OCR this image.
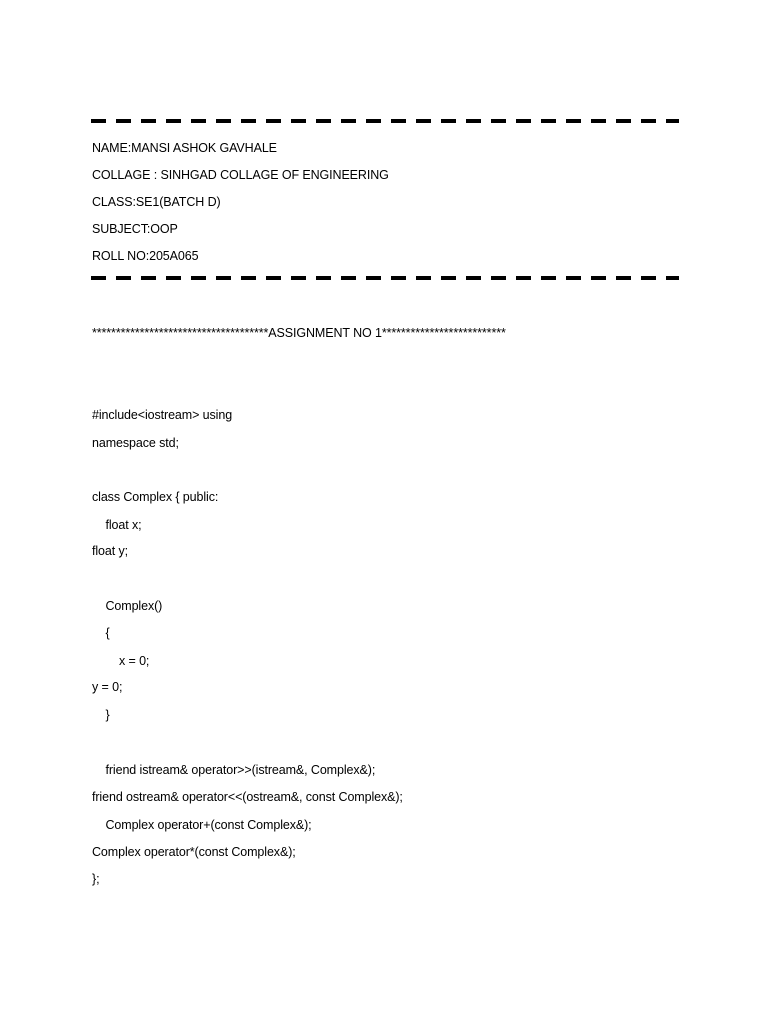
NAME:MANSI ASHOK GAVHALE
COLLAGE : SINHGAD COLLAGE OF ENGINEERING
CLASS:SE1(BATCH D)
SUBJECT:OOP
ROLL NO:205A065
*************************************ASSIGNMENT NO 1**************************
#include<iostream> using
namespace std;
class Complex { public:
float x;
float y;
Complex()
{
x = 0;
y = 0;
}
friend istream& operator>>(istream&, Complex&);
friend ostream& operator<<(ostream&, const Complex&);
Complex operator+(const Complex&);
Complex operator*(const Complex&);
};
